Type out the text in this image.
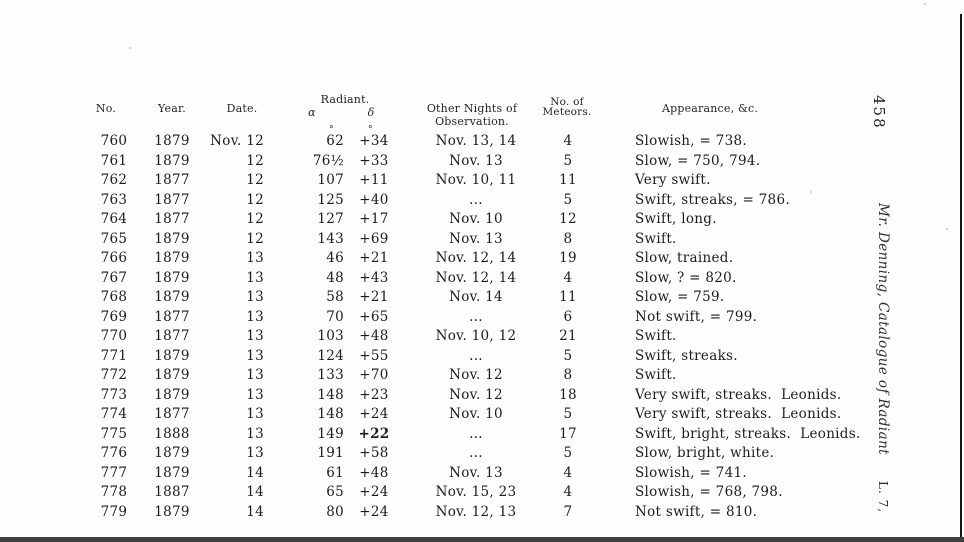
458
Mr. Denning, Catalogue of Radiant
L. 7,
No.	Year.	Date.
Radiant.
α	δ	Other Nights of Observation.
No. of
Meteors.	Appearance, &c.
760	1879	Nov. 12	62	+34	Nov. 13, 14	4	Slowish, = 738.
°	°
761	1879	12	76½	+33	Nov. 13	5	Slow, = 750, 794.
762	1877	12	107	+11	Nov. 10, 11	11	Very swift.
763	1877	12	125	+40	...	5	Swift, streaks, = 786.
764	1877	12	127	+17	Nov. 10	12	Swift, long.
765	1879	12	143	+69	Nov. 13	8	Swift.
766	1879	13	46	+21	Nov. 12, 14	19	Slow, trained.
767	1879	13	48	+43	Nov. 12, 14	4	Slow, ? = 820.
768	1879	13	58	+21	Nov. 14	11	Slow, = 759.
769	1877	13	70	+65	...	6	Not swift, = 799.
770	1877	13	103	+48	Nov. 10, 12	21	Swift.
771	1879	13	124	+55	...	5	Swift, streaks.
772	1879	13	133	+70	Nov. 12	8	Swift.
773	1879	13	148	+23	Nov. 12	18	Very swift, streaks.  Leonids.
774	1877	13	148	+24	Nov. 10	5	Very swift, streaks.  Leonids.
775	1888	13	149	+22	...	17	Swift, bright, streaks.  Leonids.
776	1879	13	191	+58	...	5	Slow, bright, white.
777	1879	14	61	+48	Nov. 13	4	Slowish, = 741.
778	1887	14	65	+24	Nov. 15, 23	4	Slowish, = 768, 798.
779	1879	14	80	+24	Nov. 12, 13	7	Not swift, = 810.
